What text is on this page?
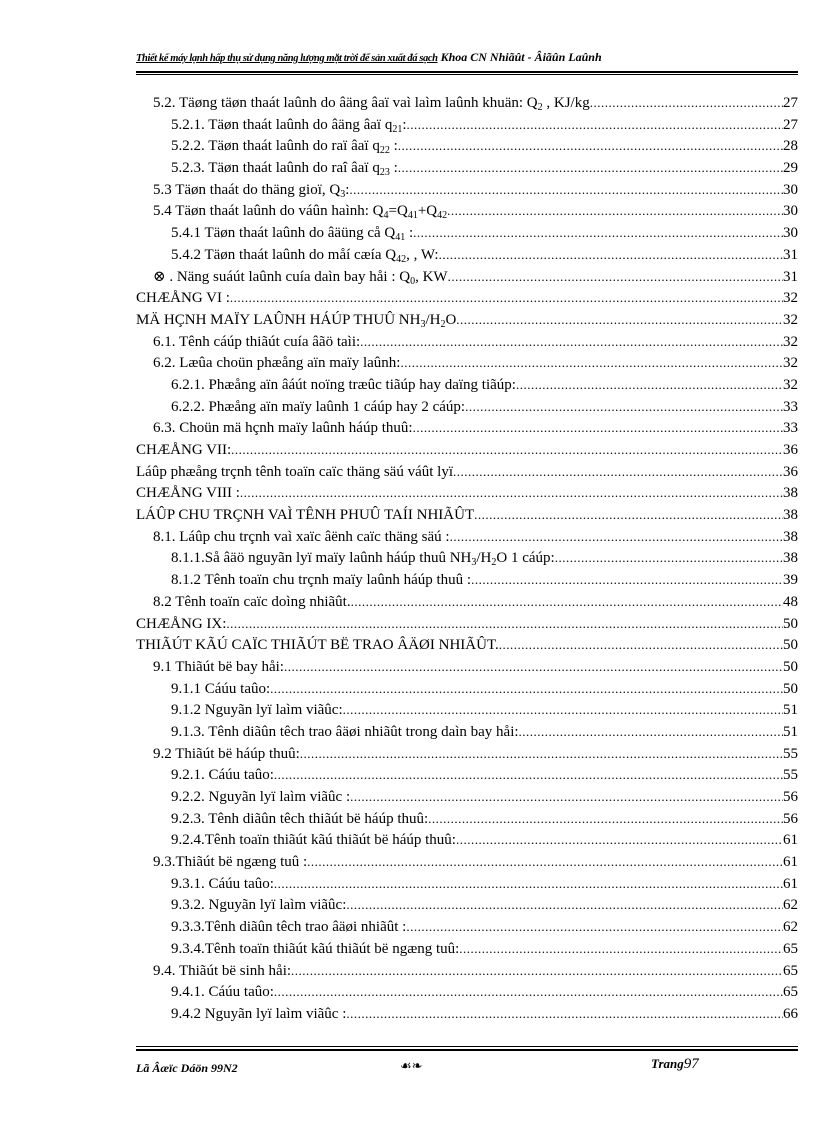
Thiết kế máy lạnh hấp thụ sử dụng năng lượng mặt trời để sản xuất đá sạch Khoa CN Nhiãût - Âiãûn Laûnh
5.2. Täøng täøn thaát laûnh do âäng âaï vaì laìm laûnh khuän: $Q_2$ , KJ/kg .....	27
5.2.1. Täøn thaát laûnh do âäng âaï $q_{21}$: .....	27
5.2.2. Täøn thaát laûnh do raï âaï $q_{22}$ : .....	28
5.2.3. Täøn thaát laûnh do raî âaï $q_{23}$ : .....	29
5.3 Täøn thaát do thäng gioï, $Q_3$: .....	30
5.4 Täøn thaát laûnh do váûn haình: $Q_4=Q_{41}+Q_{42}$ .....	30
5.4.1 Täøn thaát laûnh do âäüng cå $Q_{41}$ : .....	30
5.4.2 Täøn thaát laûnh do måí cæía $Q_{42}$, , W: .....	31
⊗ . Näng suáút laûnh cuía daìn bay håi : $Q_0$, KW .....	31
CHÆÅNG VI : .....	32
MÄ HÇNH MAÏY LAÛNH HÁÚP THUÛ $NH_3/H_2O$ .....	32
6.1. Tênh cáúp thiãút cuía âãö taìi: .....	32
6.2. Læûa choün phæång aïn maïy laûnh: .....	32
6.2.1. Phæång aïn âáút noïng træûc tiãúp hay daïng tiãúp: .....	32
6.2.2. Phæång aïn maïy laûnh 1 cáúp hay 2 cáúp: .....	33
6.3. Choün mä hçnh maïy laûnh háúp thuû: .....	33
CHÆÅNG VII: .....	36
Láûp phæång trçnh tênh toaïn caïc thäng säú váût lyï .....	36
CHÆÅNG VIII : .....	38
LÁÛP CHU TRÇNH VAÌ TÊNH PHUÛ TAÍI NHIÃÛT .....	38
8.1. Láûp chu trçnh vaì xaïc âënh caïc thäng säú : .....	38
8.1.1.Så âäö nguyãn lyï maïy laûnh háúp thuû $NH_3/H_2O$ 1 cáúp: .....	38
8.1.2 Tênh toaïn chu trçnh maïy laûnh háúp thuû : .....	39
8.2 Tênh toaïn caïc doìng nhiãût. .....	48
CHÆÅNG IX: .....	50
THIÃÚT KÃÚ CAÏC THIÃÚT BË TRAO ÂÄØI NHIÃÛT. .....	50
9.1 Thiãút bë bay håi: .....	50
9.1.1 Cáúu taûo: .....	50
9.1.2 Nguyãn lyï laìm viãûc: .....	51
9.1.3. Tênh diãûn têch trao âäøi nhiãût trong daìn bay håi: .....	51
9.2 Thiãút bë háúp thuû: .....	55
9.2.1. Cáúu taûo: .....	55
9.2.2. Nguyãn lyï laìm viãûc : .....	56
9.2.3. Tênh diãûn têch thiãút bë háúp thuû: .....	56
9.2.4.Tênh toaïn thiãút kãú thiãút bë háúp thuû: .....	61
9.3.Thiãút bë ngæng tuû : .....	61
9.3.1. Cáúu taûo: .....	61
9.3.2. Nguyãn lyï laìm viãûc: .....	62
9.3.3.Tênh diãûn têch trao âäøi nhiãût : .....	62
9.3.4.Tênh toaïn thiãút kãú thiãút bë ngæng tuû: .....	65
9.4. Thiãút bë sinh håi: .....	65
9.4.1. Cáúu taûo: .....	65
9.4.2 Nguyãn lyï laìm viãûc : .....	66
Lã Âæïc Dáön 99N2	☙❧	Trang97
